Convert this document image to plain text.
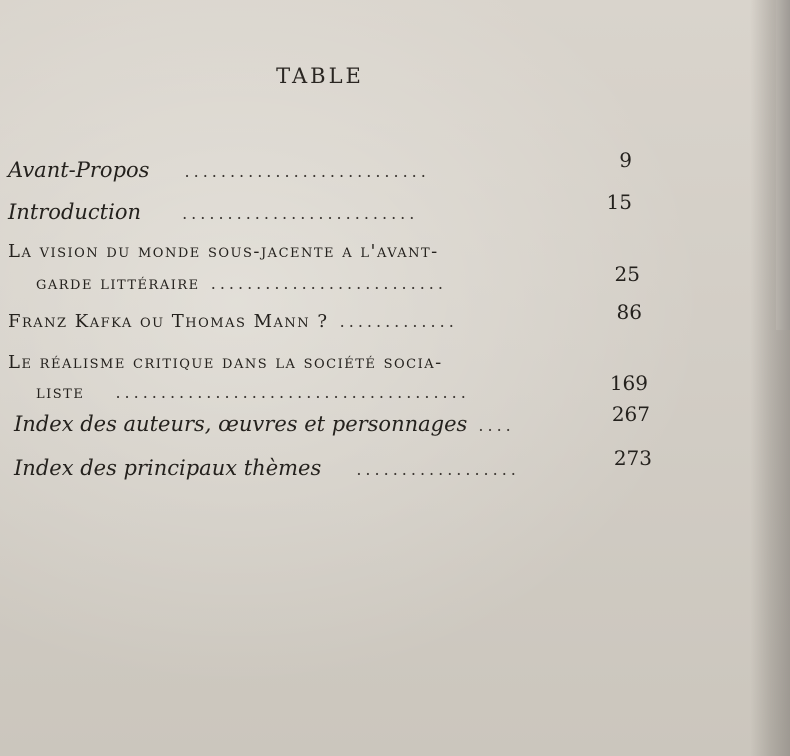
TABLE
Avant-Propos ...........................	9
Introduction	..........................	15
La vision du monde sous-jacente a l'avant-
garde littéraire ..........................	25
Franz Kafka ou Thomas Mann ? .............	86
Le réalisme critique dans la société socia-
liste .......................................	169
Index des auteurs, œuvres et personnages ....	267
Index des principaux thèmes ..................	273
